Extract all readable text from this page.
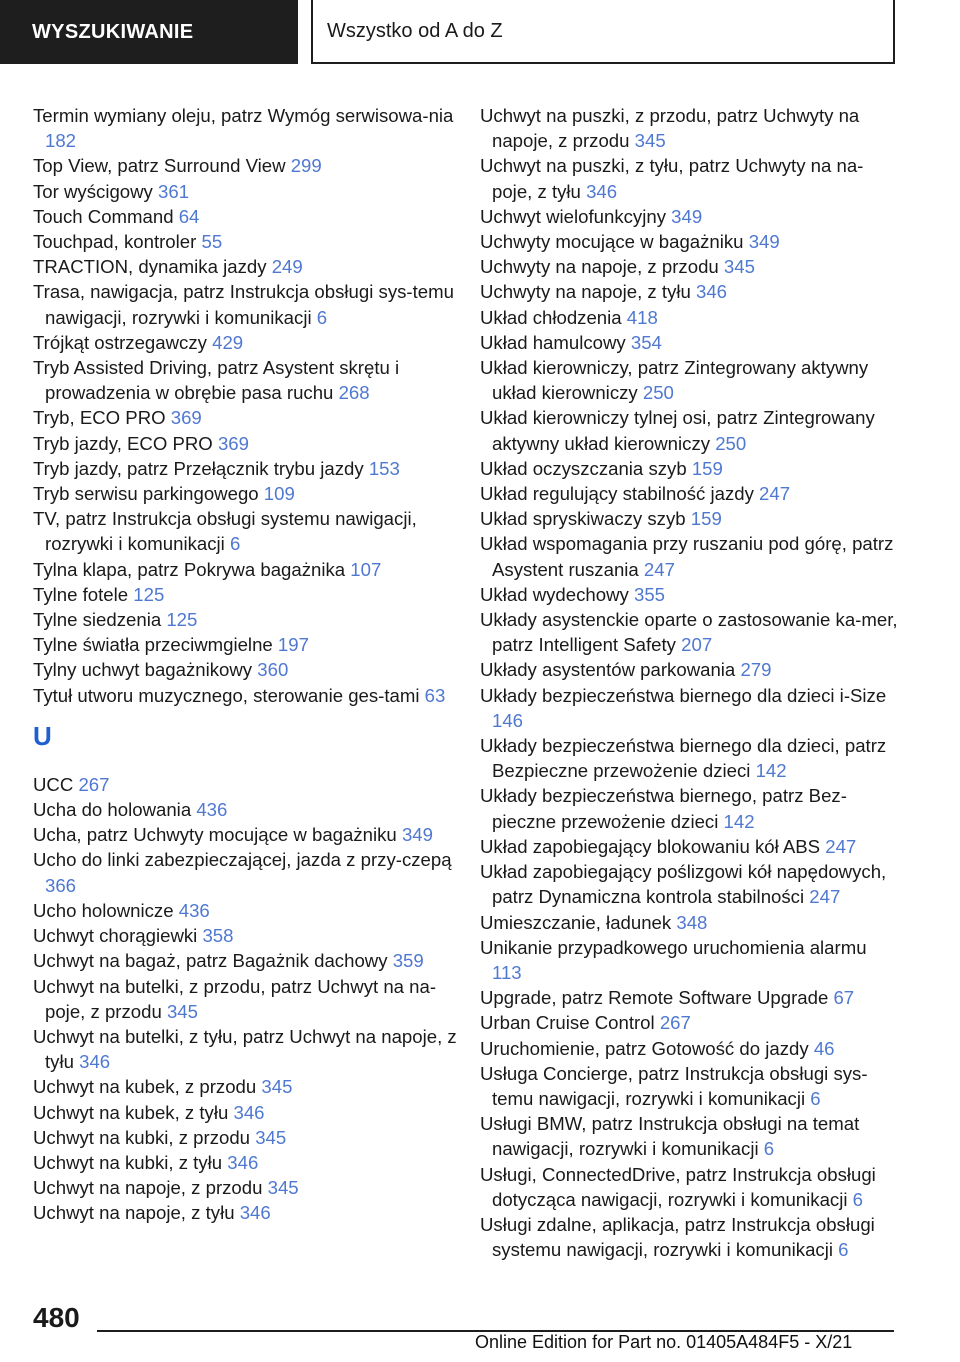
WYSZUKIWANIE	Wszystko od A do Z
Termin wymiany oleju, patrz Wymóg serwisowa‐nia 182
Top View, patrz Surround View 299
Tor wyścigowy 361
Touch Command 64
Touchpad, kontroler 55
TRACTION, dynamika jazdy 249
Trasa, nawigacja, patrz Instrukcja obsługi sys‐temu nawigacji, rozrywki i komunikacji 6
Trójkąt ostrzegawczy 429
Tryb Assisted Driving, patrz Asystent skrętu i prowadzenia w obrębie pasa ruchu 268
Tryb, ECO PRO 369
Tryb jazdy, ECO PRO 369
Tryb jazdy, patrz Przełącznik trybu jazdy 153
Tryb serwisu parkingowego 109
TV, patrz Instrukcja obsługi systemu nawigacji, rozrywki i komunikacji 6
Tylna klapa, patrz Pokrywa bagażnika 107
Tylne fotele 125
Tylne siedzenia 125
Tylne światła przeciwmgielne 197
Tylny uchwyt bagażnikowy 360
Tytuł utworu muzycznego, sterowanie ges‐tami 63
U
UCC 267
Ucha do holowania 436
Ucha, patrz Uchwyty mocujące w bagażniku 349
Ucho do linki zabezpieczającej, jazda z przy‐czepą 366
Ucho holownicze 436
Uchwyt chorągiewki 358
Uchwyt na bagaż, patrz Bagażnik dachowy 359
Uchwyt na butelki, z przodu, patrz Uchwyt na na‐poje, z przodu 345
Uchwyt na butelki, z tyłu, patrz Uchwyt na napoje, z tyłu 346
Uchwyt na kubek, z przodu 345
Uchwyt na kubek, z tyłu 346
Uchwyt na kubki, z przodu 345
Uchwyt na kubki, z tyłu 346
Uchwyt na napoje, z przodu 345
Uchwyt na napoje, z tyłu 346
Uchwyt na puszki, z przodu, patrz Uchwyty na napoje, z przodu 345
Uchwyt na puszki, z tyłu, patrz Uchwyty na na‐poje, z tyłu 346
Uchwyt wielofunkcyjny 349
Uchwyty mocujące w bagażniku 349
Uchwyty na napoje, z przodu 345
Uchwyty na napoje, z tyłu 346
Układ chłodzenia 418
Układ hamulcowy 354
Układ kierowniczy, patrz Zintegrowany aktywny układ kierowniczy 250
Układ kierowniczy tylnej osi, patrz Zintegrowany aktywny układ kierowniczy 250
Układ oczyszczania szyb 159
Układ regulujący stabilność jazdy 247
Układ spryskiwaczy szyb 159
Układ wspomagania przy ruszaniu pod górę, patrz Asystent ruszania 247
Układ wydechowy 355
Układy asystenckie oparte o zastosowanie ka‐mer, patrz Intelligent Safety 207
Układy asystentów parkowania 279
Układy bezpieczeństwa biernego dla dzieci i-Size 146
Układy bezpieczeństwa biernego dla dzieci, patrz Bezpieczne przewożenie dzieci 142
Układy bezpieczeństwa biernego, patrz Bez‐pieczne przewożenie dzieci 142
Układ zapobiegający blokowaniu kół ABS 247
Układ zapobiegający poślizgowi kół napędowych, patrz Dynamiczna kontrola stabilności 247
Umieszczanie, ładunek 348
Unikanie przypadkowego uruchomienia alarmu 113
Upgrade, patrz Remote Software Upgrade 67
Urban Cruise Control 267
Uruchomienie, patrz Gotowość do jazdy 46
Usługa Concierge, patrz Instrukcja obsługi sys‐temu nawigacji, rozrywki i komunikacji 6
Usługi BMW, patrz Instrukcja obsługi na temat nawigacji, rozrywki i komunikacji 6
Usługi, ConnectedDrive, patrz Instrukcja obsługi dotycząca nawigacji, rozrywki i komunikacji 6
Usługi zdalne, aplikacja, patrz Instrukcja obsługi systemu nawigacji, rozrywki i komunikacji 6
480
Online Edition for Part no. 01405A484F5 - X/21
